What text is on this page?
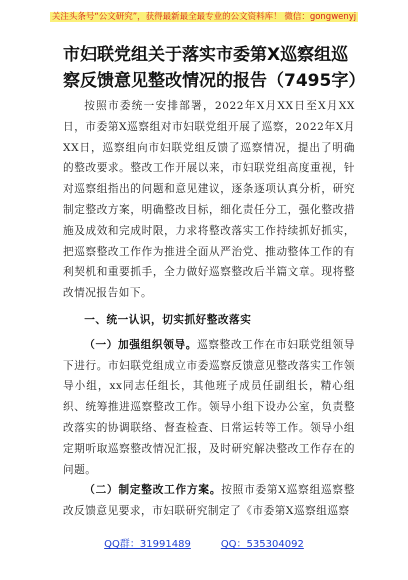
关注头条号“公文研究”，获得最新最全最专业的公文资料库！ 微信：gongwenyj
市妇联党组关于落实市委第X巡察组巡察反馈意见整改情况的报告（7495字）

按照市委统一安排部署，2022年X月XX日至X月XX日，市委第X巡察组对市妇联党组开展了巡察，2022年X月XX日，巡察组向市妇联党组反馈了巡察情况，提出了明确的整改要求。整改工作开展以来，市妇联党组高度重视，针对巡察组指出的问题和意见建议，逐条逐项认真分析，研究制定整改方案，明确整改目标，细化责任分工，强化整改措施及成效和完成时限，力求将整改落实工作持续抓好抓实，把巡察整改工作作为推进全面从严治党、推动整体工作的有利契机和重要抓手，全力做好巡察整改后半篇文章。现将整改情况报告如下。

一、统一认识，切实抓好整改落实

（一）加强组织领导。巡察整改工作在市妇联党组领导下进行。市妇联党组成立市委巡察反馈意见整改落实工作领导小组，xx同志任组长，其他班子成员任副组长，精心组织、统筹推进巡察整改工作。领导小组下设办公室，负责整改落实的协调联络、督查检查、日常运转等工作。领导小组定期听取巡察整改情况汇报，及时研究解决整改工作存在的问题。

（二）制定整改工作方案。按照市委第X巡察组巡察整改反馈意见要求，市妇联研究制定了《市委第X巡察组巡察

QQ群：31991489	QQ：535304092
